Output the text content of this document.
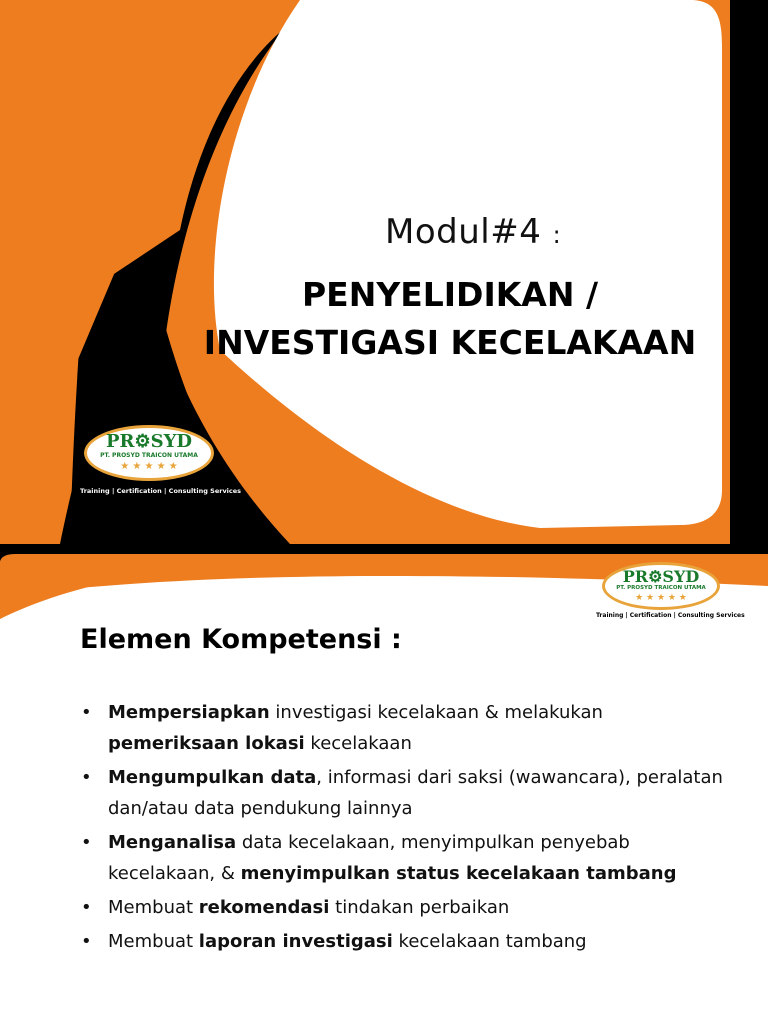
Modul#4 :
PENYELIDIKAN /
INVESTIGASI KECELAKAAN
PR⚙SYD
PT. PROSYD TRAICON UTAMA
★ ★ ★ ★ ★
Training | Certification | Consulting Services
PR⚙SYD
PT. PROSYD TRAICON UTAMA
★ ★ ★ ★ ★
Training | Certification | Consulting Services
Elemen Kompetensi :
• Mempersiapkan investigasi kecelakaan & melakukan pemeriksaan lokasi kecelakaan
• Mengumpulkan data, informasi dari saksi (wawancara), peralatan dan/atau data pendukung lainnya
• Menganalisa data kecelakaan, menyimpulkan penyebab kecelakaan, & menyimpulkan status kecelakaan tambang
• Membuat rekomendasi tindakan perbaikan
• Membuat laporan investigasi kecelakaan tambang
